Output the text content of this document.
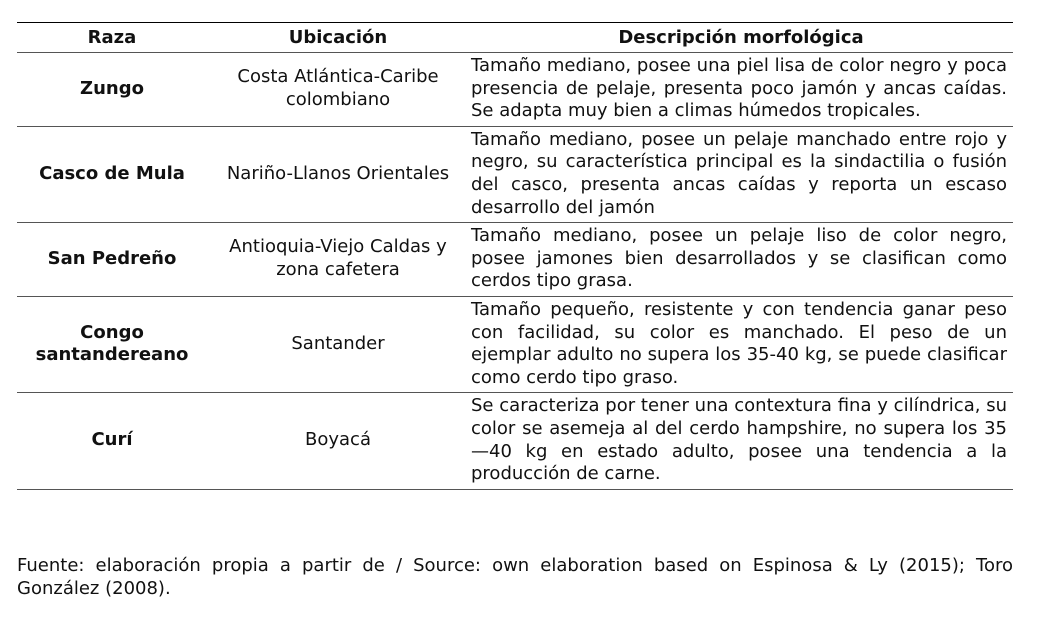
Raza	Ubicación	Descripción morfológica
Zungo	Costa Atlántica-Caribe colombiano	Tamaño mediano, posee una piel lisa de color negro y poca presencia de pelaje, presenta poco jamón y ancas caídas. Se adapta muy bien a climas húmedos tropicales.
Casco de Mula	Nariño-Llanos Orientales	Tamaño mediano, posee un pelaje manchado entre rojo y negro, su característica principal es la sindactilia o fusión del casco, presenta ancas caídas y reporta un escaso desarrollo del jamón
San Pedreño	Antioquia-Viejo Caldas y zona cafetera	Tamaño mediano, posee un pelaje liso de color negro, posee jamones bien desarrollados y se clasifican como cerdos tipo grasa.
Congo santandereano	Santander	Tamaño pequeño, resistente y con tendencia ganar peso con facilidad, su color es manchado. El peso de un ejemplar adulto no supera los 35-40 kg, se puede clasificar como cerdo tipo graso.
Curí	Boyacá	Se caracteriza por tener una contextura fina y cilíndrica, su color se asemeja al del cerdo hampshire, no supera los 35—40 kg en estado adulto, posee una tendencia a la producción de carne.
Fuente: elaboración propia a partir de / Source: own elaboration based on Espinosa & Ly (2015); Toro González (2008).
